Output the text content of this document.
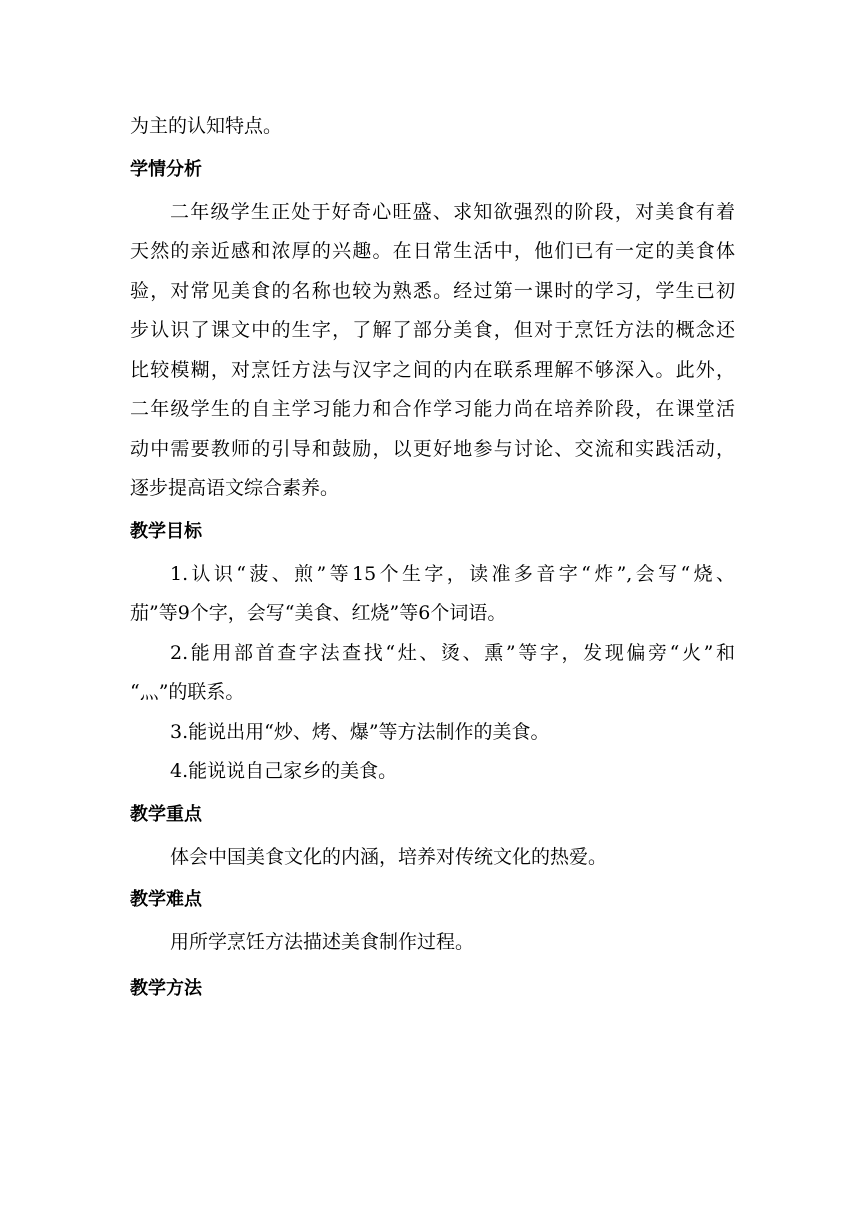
为主的认知特点。

学情分析

二年级学生正处于好奇心旺盛、求知欲强烈的阶段，对美食有着

天然的亲近感和浓厚的兴趣。在日常生活中，他们已有一定的美食体

验，对常见美食的名称也较为熟悉。经过第一课时的学习，学生已初

步认识了课文中的生字，了解了部分美食，但对于烹饪方法的概念还

比较模糊，对烹饪方法与汉字之间的内在联系理解不够深入。此外，

二年级学生的自主学习能力和合作学习能力尚在培养阶段，在课堂活

动中需要教师的引导和鼓励，以更好地参与讨论、交流和实践活动，

逐步提高语文综合素养。

教学目标

1.认识“菠、煎”等15个生字，读准多音字“炸”,会写“烧、

茄”等9个字，会写“美食、红烧”等6个词语。

2.能用部首查字法查找“灶、烫、熏”等字，发现偏旁“火”和

“灬”的联系。

3.能说出用“炒、烤、爆”等方法制作的美食。

4.能说说自己家乡的美食。

教学重点

体会中国美食文化的内涵，培养对传统文化的热爱。

教学难点

用所学烹饪方法描述美食制作过程。

教学方法
